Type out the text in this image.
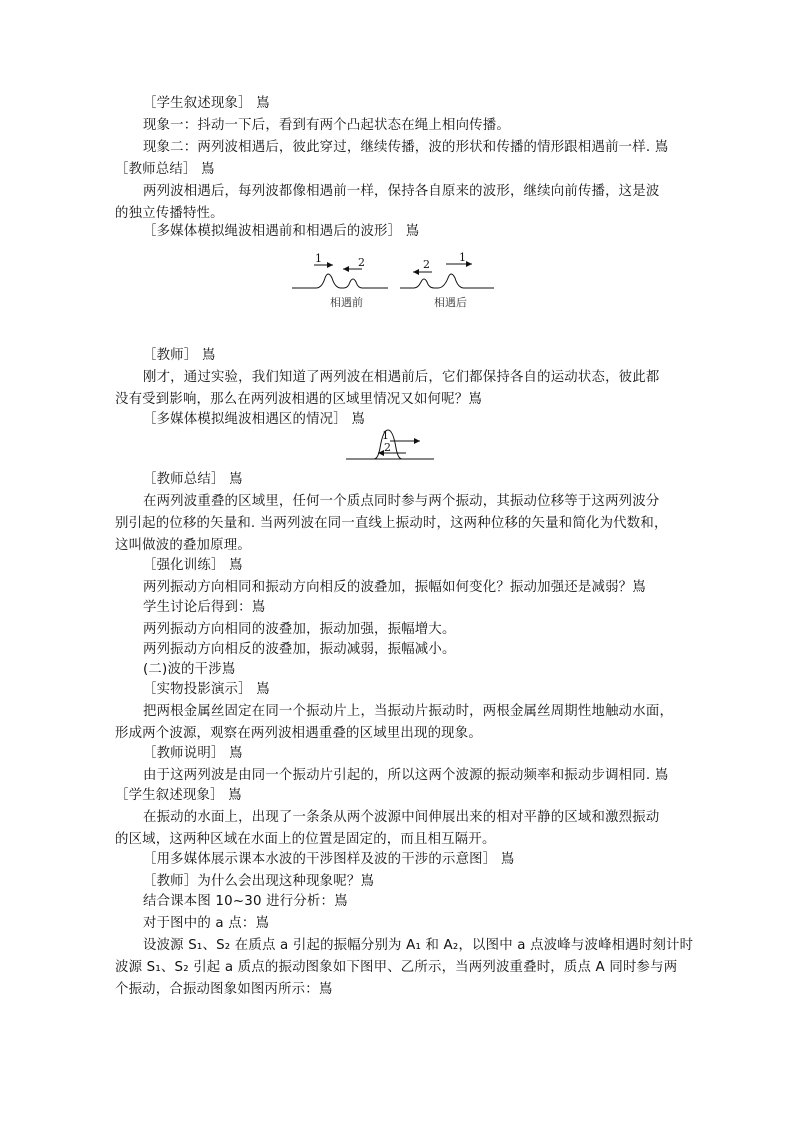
［学生叙述现象］ 嶌
现象一：抖动一下后，看到有两个凸起状态在绳上相向传播。
现象二：两列波相遇后，彼此穿过，继续传播，波的形状和传播的情形跟相遇前一样. 嶌
［教师总结］ 嶌
两列波相遇后，每列波都像相遇前一样，保持各自原来的波形，继续向前传播，这是波
的独立传播特性。
［多媒体模拟绳波相遇前和相遇后的波形］ 嶌
1	2
相遇前
2
1
相遇后
［教师］ 嶌
刚才，通过实验，我们知道了两列波在相遇前后，它们都保持各自的运动状态，彼此都
没有受到影响，那么在两列波相遇的区域里情况又如何呢？嶌
［多媒体模拟绳波相遇区的情况］ 嶌
1
2
［教师总结］ 嶌
在两列波重叠的区域里，任何一个质点同时参与两个振动，其振动位移等于这两列波分
别引起的位移的矢量和. 当两列波在同一直线上振动时，这两种位移的矢量和简化为代数和，
这叫做波的叠加原理。
［强化训练］ 嶌
两列振动方向相同和振动方向相反的波叠加，振幅如何变化？振动加强还是减弱？嶌
学生讨论后得到：嶌
两列振动方向相同的波叠加，振动加强，振幅增大。
两列振动方向相反的波叠加，振动减弱，振幅减小。
(二)波的干涉嶌
［实物投影演示］ 嶌
把两根金属丝固定在同一个振动片上，当振动片振动时，两根金属丝周期性地触动水面，
形成两个波源，观察在两列波相遇重叠的区域里出现的现象。
［教师说明］ 嶌
由于这两列波是由同一个振动片引起的，所以这两个波源的振动频率和振动步调相同. 嶌
［学生叙述现象］ 嶌
在振动的水面上，出现了一条条从两个波源中间伸展出来的相对平静的区域和激烈振动
的区域，这两种区域在水面上的位置是固定的，而且相互隔开。
［用多媒体展示课本水波的干涉图样及波的干涉的示意图］ 嶌
［教师］为什么会出现这种现象呢？嶌
结合课本图 10~30 进行分析：嶌
对于图中的 a 点：嶌
设波源 S₁、S₂ 在质点 a 引起的振幅分别为 A₁ 和 A₂，以图中 a 点波峰与波峰相遇时刻计时
波源 S₁、S₂ 引起 a 质点的振动图象如下图甲、乙所示，当两列波重叠时，质点 A 同时参与两
个振动，合振动图象如图丙所示：嶌
